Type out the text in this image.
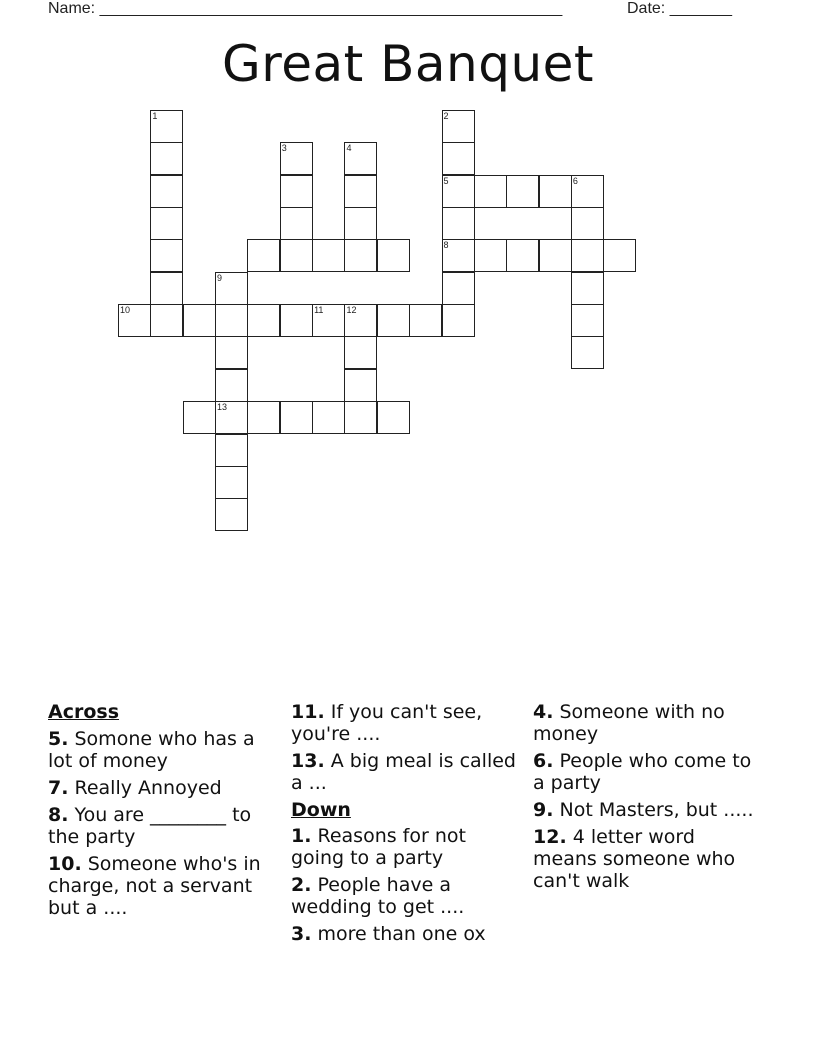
Name: ____________________________________________________	Date: _______
Great Banquet
1
3	4
2
5
8
6
11	12
9
13
10
Across
5. Somone who has a lot of money
7. Really Annoyed
8. You are ________ to the party
10. Someone who's in charge, not a servant but a ....
11. If you can't see, you're ....
13. A big meal is called a ...
Down
1. Reasons for not going to a party
2. People have a wedding to get ....
3. more than one ox
4. Someone with no money
6. People who come to a party
9. Not Masters, but .....
12. 4 letter word means someone who can't walk
